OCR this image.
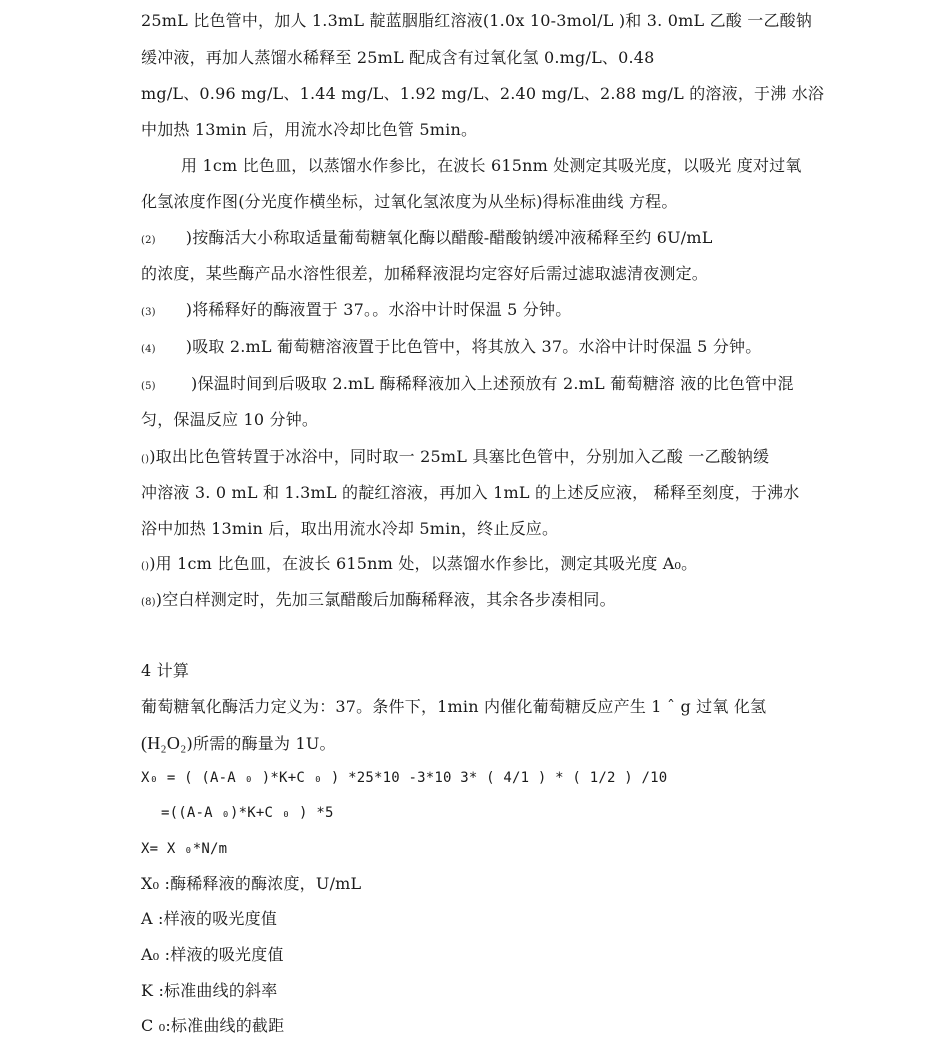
25mL 比色管中，加人 1.3mL 靛蓝胭脂红溶液(1.0x 10-3mol/L )和 3. 0mL 乙酸 一乙酸钠
缓冲液，再加人蒸馏水稀释至 25mL 配成含有过氧化氢 0.mg/L、0.48
mg/L、0.96 mg/L、1.44 mg/L、1.92 mg/L、2.40 mg/L、2.88 mg/L 的溶液，于沸 水浴
中加热 13min 后，用流水冷却比色管 5min。
用 1cm 比色皿，以蒸馏水作参比，在波长 615nm 处测定其吸光度，以吸光 度对过氧
化氢浓度作图(分光度作横坐标，过氧化氢浓度为从坐标)得标准曲线 方程。
(2) )按酶活大小称取适量葡萄糖氧化酶以醋酸-醋酸钠缓冲液稀释至约 6U/mL
的浓度，某些酶产品水溶性很差，加稀释液混均定容好后需过滤取滤清夜测定。
(3) )将稀释好的酶液置于 37。。水浴中计时保温 5 分钟。
(4) )吸取 2.mL 葡萄糖溶液置于比色管中，将其放入 37。水浴中计时保温 5 分钟。
(5) )保温时间到后吸取 2.mL 酶稀释液加入上述预放有 2.mL 葡萄糖溶 液的比色管中混
匀，保温反应 10 分钟。
())取出比色管转置于冰浴中，同时取一 25mL 具塞比色管中，分别加入乙酸 一乙酸钠缓
冲溶液 3. 0 mL 和 1.3mL 的靛红溶液，再加入 1mL 的上述反应液， 稀释至刻度，于沸水
浴中加热 13min 后，取出用流水冷却 5min，终止反应。
())用 1cm 比色皿，在波长 615nm 处，以蒸馏水作参比，测定其吸光度 A₀。
(8))空白样测定时，先加三氯醋酸后加酶稀释液，其余各步凑相同。
4 计算
葡萄糖氧化酶活力定义为：37。条件下，1min 内催化葡萄糖反应产生 1 ˆ g 过氧 化氢
(H₂O₂)所需的酶量为 1U。
X₀ = ( (A-A ₀ )*K+C ₀ ) *25*10 -3*10 3* ( 4/1 ) * ( 1/2 ) /10
=((A-A ₀)*K+C ₀ ) *5
X= X ₀*N/m
X₀ :酶稀释液的酶浓度，U/mL
A :样液的吸光度值
A₀ :样液的吸光度值
K :标准曲线的斜率
C ₀:标准曲线的截距
